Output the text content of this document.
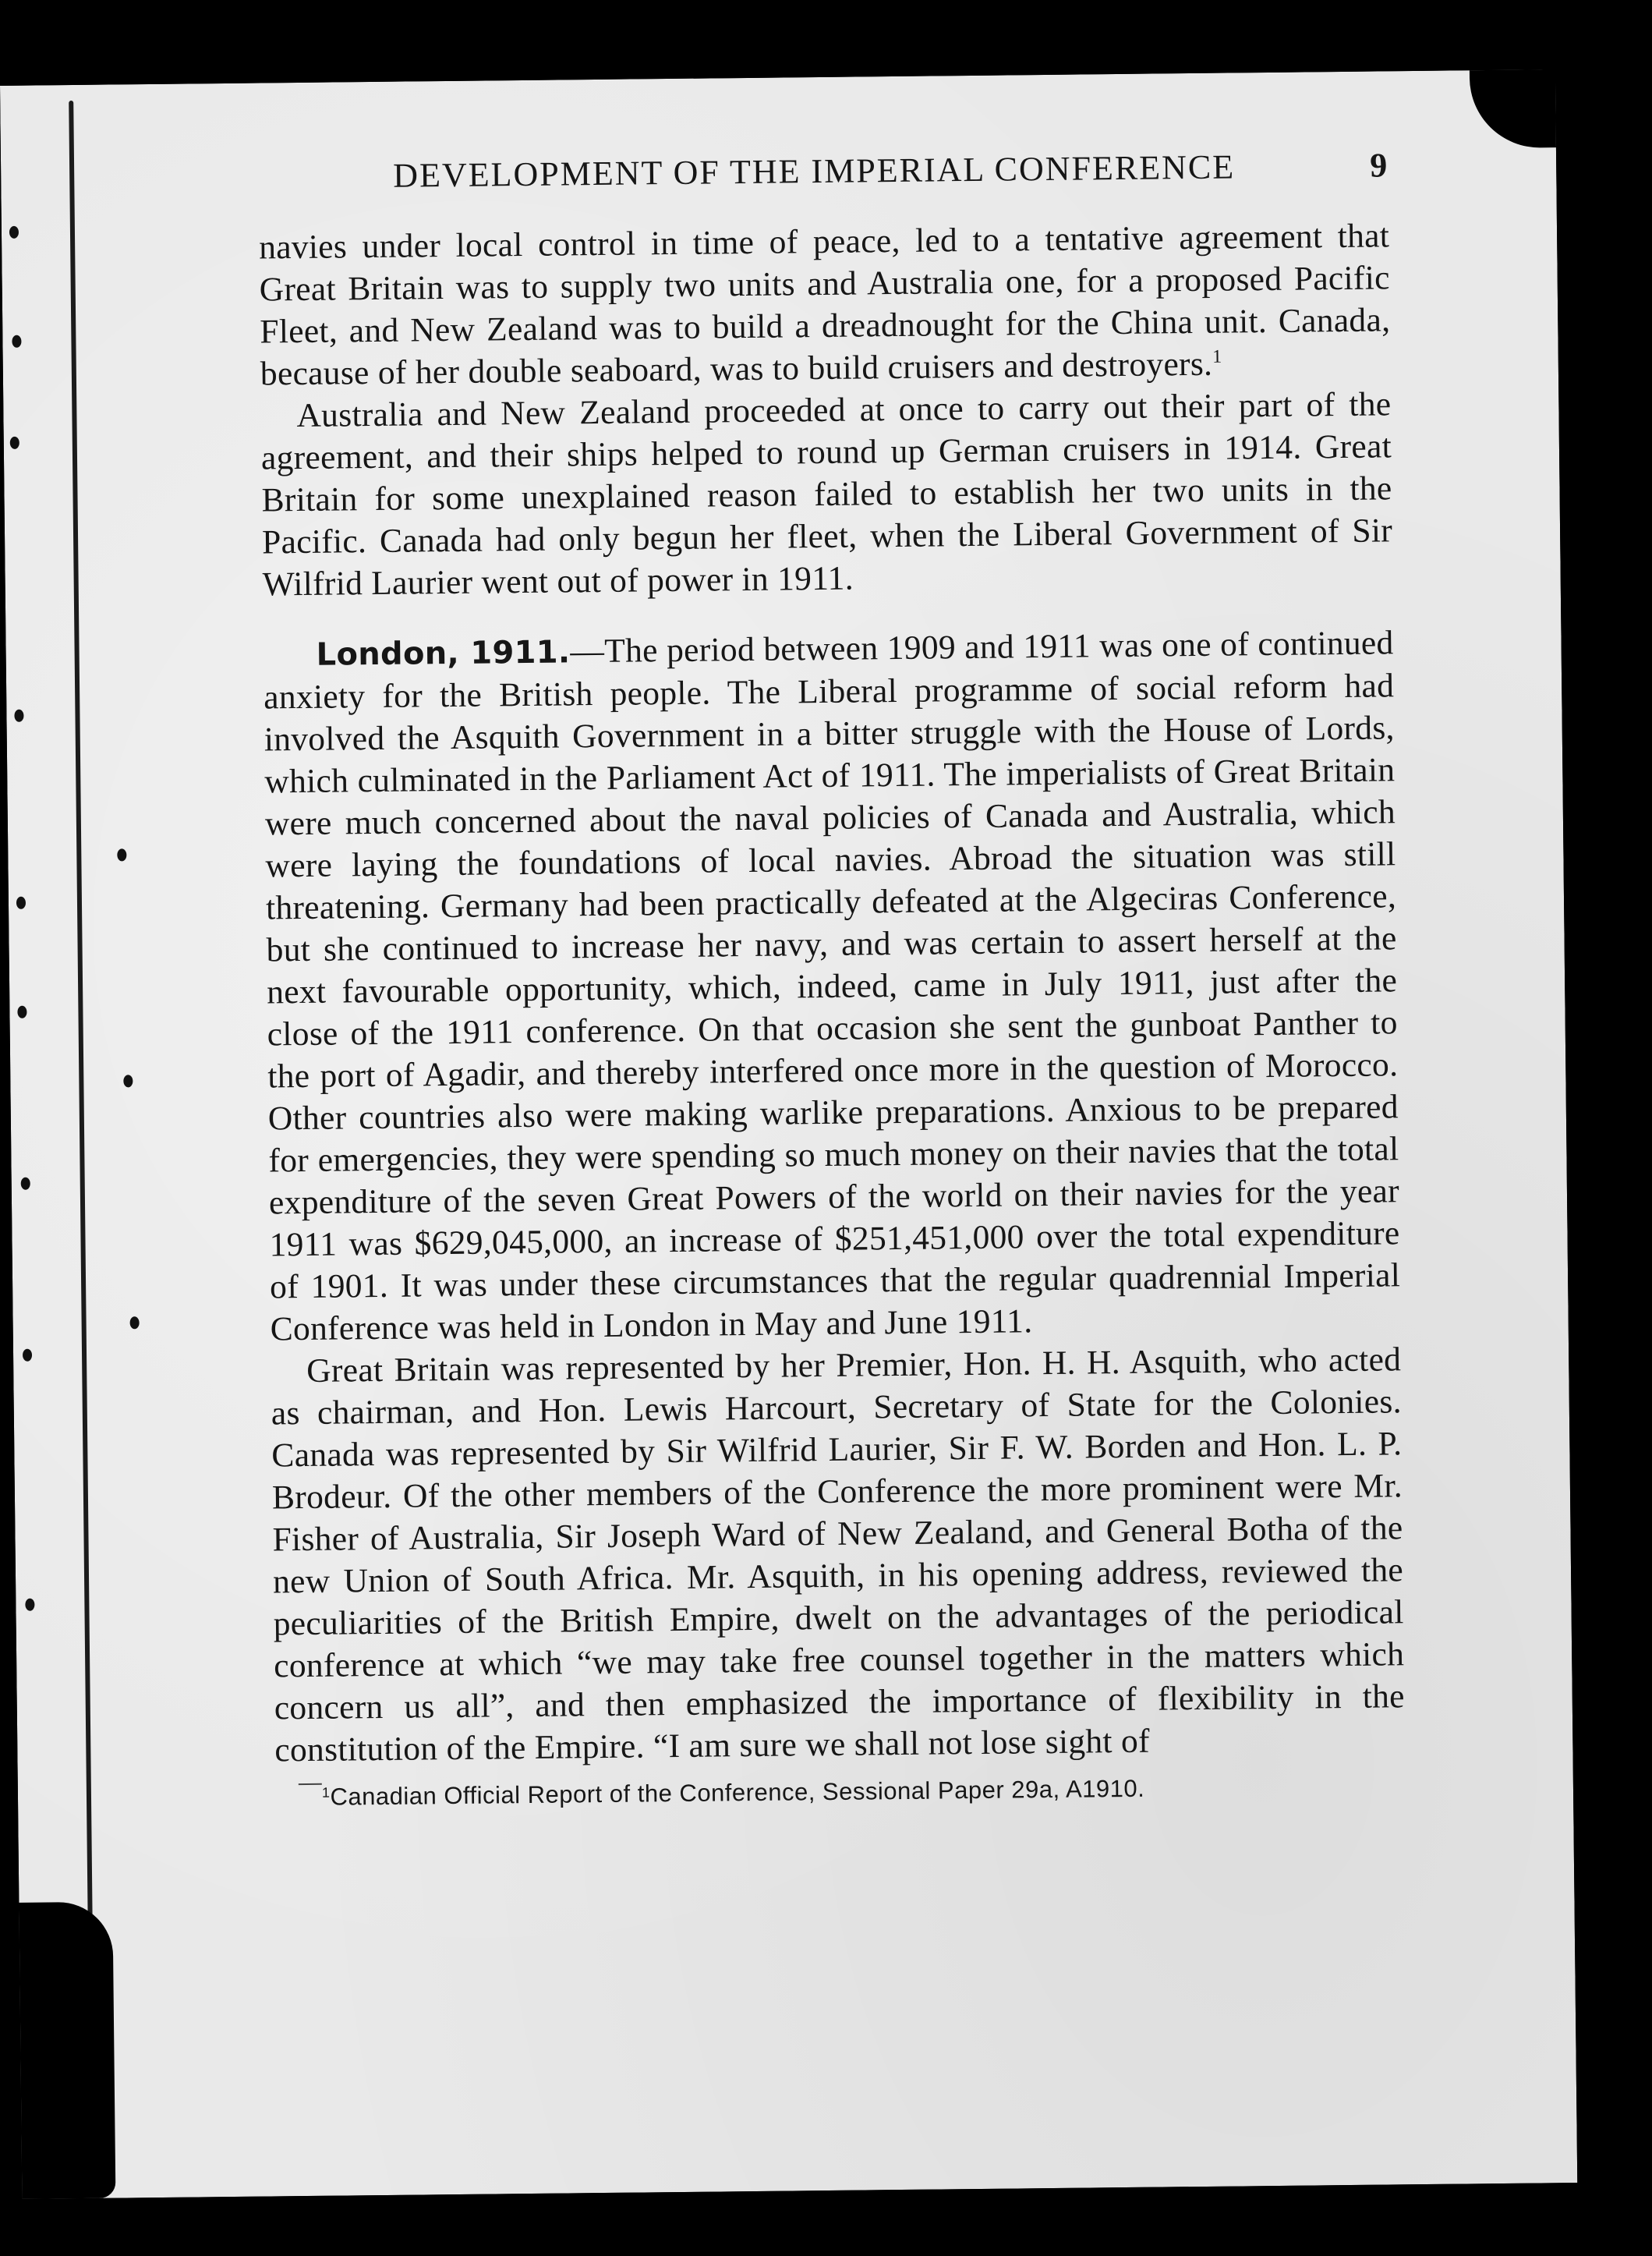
DEVELOPMENT OF THE IMPERIAL CONFERENCE	9

navies under local control in time of peace, led to a tentative agreement that Great Britain was to supply two units and Australia one, for a proposed Pacific Fleet, and New Zealand was to build a dreadnought for the China unit. Canada, because of her double seaboard, was to build cruisers and destroyers.$^1$

Australia and New Zealand proceeded at once to carry out their part of the agreement, and their ships helped to round up German cruisers in 1914. Great Britain for some unexplained reason failed to establish her two units in the Pacific. Canada had only begun her fleet, when the Liberal Government of Sir Wilfrid Laurier went out of power in 1911.

London, 1911.—The period between 1909 and 1911 was one of continued anxiety for the British people. The Liberal programme of social reform had involved the Asquith Government in a bitter struggle with the House of Lords, which culminated in the Parliament Act of 1911. The imperialists of Great Britain were much concerned about the naval policies of Canada and Australia, which were laying the foundations of local navies. Abroad the situation was still threatening. Germany had been practically defeated at the Algeciras Conference, but she continued to increase her navy, and was certain to assert herself at the next favourable opportunity, which, indeed, came in July 1911, just after the close of the 1911 conference. On that occasion she sent the gunboat Panther to the port of Agadir, and thereby interfered once more in the question of Morocco. Other countries also were making warlike preparations. Anxious to be prepared for emergencies, they were spending so much money on their navies that the total expenditure of the seven Great Powers of the world on their navies for the year 1911 was $629,045,000, an increase of $251,451,000 over the total expenditure of 1901. It was under these circumstances that the regular quadrennial Imperial Conference was held in London in May and June 1911.

Great Britain was represented by her Premier, Hon. H. H. Asquith, who acted as chairman, and Hon. Lewis Harcourt, Secretary of State for the Colonies. Canada was represented by Sir Wilfrid Laurier, Sir F. W. Borden and Hon. L. P. Brodeur. Of the other members of the Conference the more prominent were Mr. Fisher of Australia, Sir Joseph Ward of New Zealand, and General Botha of the new Union of South Africa. Mr. Asquith, in his opening address, reviewed the peculiarities of the British Empire, dwelt on the advantages of the periodical conference at which “we may take free counsel together in the matters which concern us all”, and then emphasized the importance of flexibility in the constitution of the Empire. “I am sure we shall not lose sight of

$^1$Canadian Official Report of the Conference, Sessional Paper 29a, A1910.
